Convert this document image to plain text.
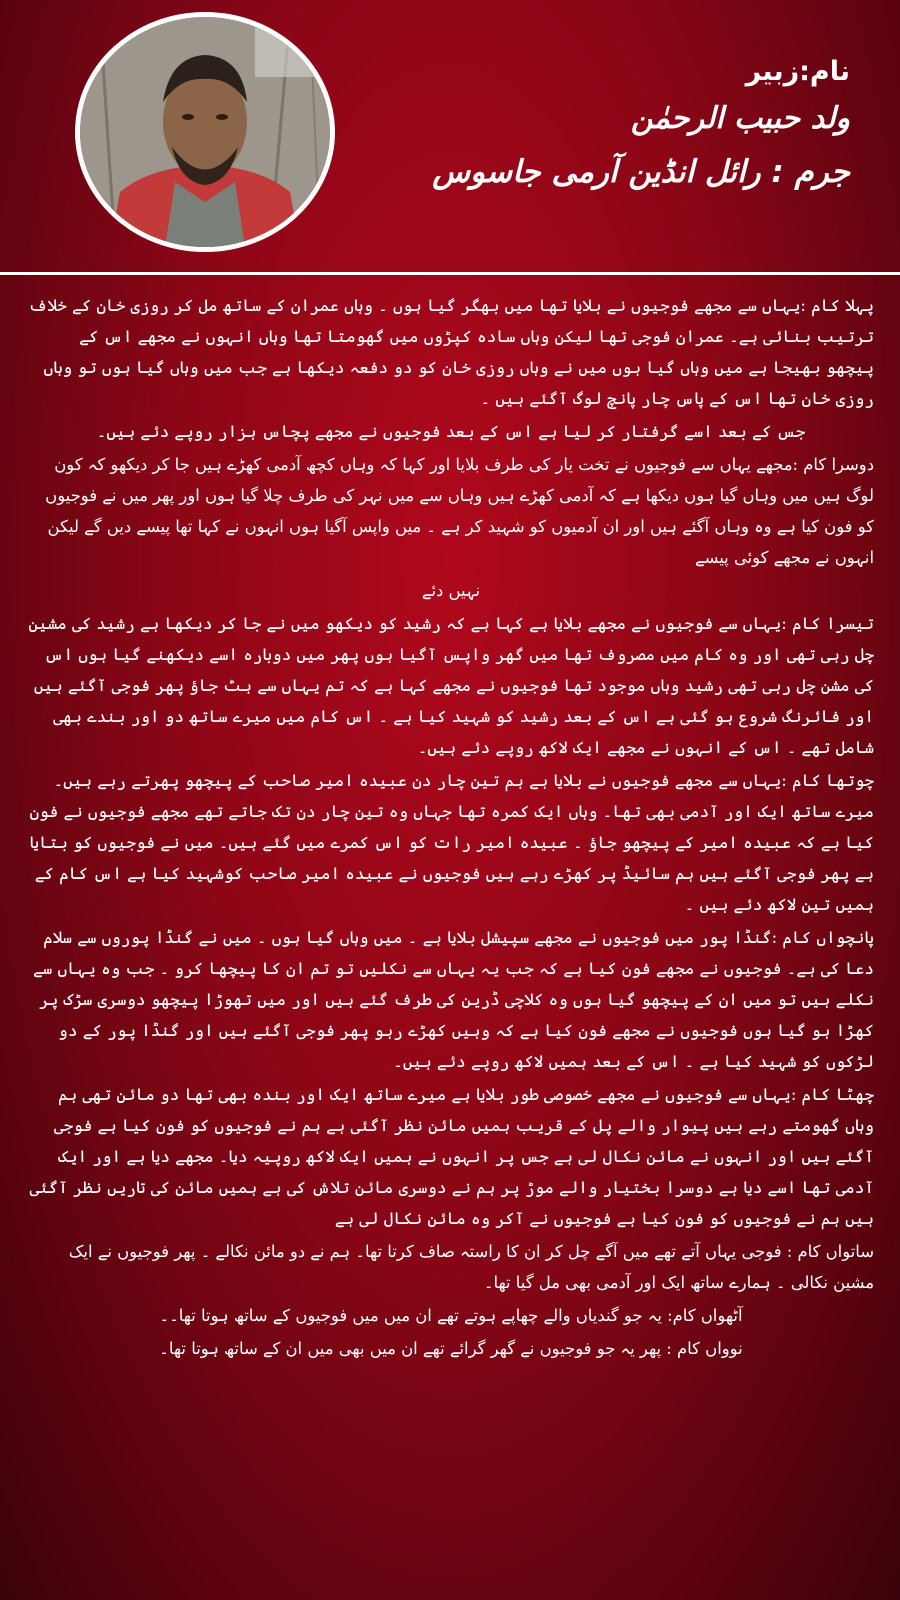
نام:زبیر
ولد حبیب الرحمٰن
جرم : رائل انڈین آرمی جاسوس

پہلا کام :یہاں سے مجھے فوجیوں نے بلایا تھا میں بھگر گیا ہوں ۔ وہاں عمران کے ساتھ مل کر روزی خان کے خلاف ترتیب بنائی ہے۔ عمران فوجی تھا لیکن وہاں سادہ کپڑوں میں گھومتا تھا وہاں انہوں نے مجھے اس کے پیچھو بھیجا ہے میں وہاں گیا ہوں میں نے وہاں روزی خان کو دو دفعہ دیکھا ہے جب میں وہاں گیا ہوں تو وہاں روزی خان تھا اس کے پاس چار پانچ لوگ آگئے ہیں ۔

جس کے بعد اسے گرفتار کر لیا ہے اس کے بعد فوجیوں نے مجھے پچاس ہزار روپے دئے ہیں۔

دوسرا کام :مجھے یہاں سے فوجیوں نے تخت یار کی طرف بلایا اور کہا کہ وہاں کچھ آدمی کھڑے ہیں جا کر دیکھو کہ کون لوگ ہیں میں وہاں گیا ہوں دیکھا ہے کہ آدمی کھڑے ہیں وہاں سے میں نہر کی طرف چلا گیا ہوں اور پھر میں نے فوجیوں کو فون کیا ہے وہ وہاں آگئے ہیں اور ان آدمیوں کو شہید کر ہے ۔ میں واپس آگیا ہوں انہوں نے کہا تھا پیسے دیں گے لیکن انہوں نے مجھے کوئی پیسے

نہیں دئے

تیسرا کام :یہاں سے فوجیوں نے مجھے بلایا ہے کہا ہے کہ رشید کو دیکھو میں نے جا کر دیکھا ہے رشید کی مشین چل رہی تھی اور وہ کام میں مصروف تھا میں گھر واپس آگیا ہوں پھر میں دوبارہ اسے دیکھنے گیا ہوں اس کی مشن چل رہی تھی رشید وہاں موجود تھا فوجیوں نے مجھے کہا ہے کہ تم یہاں سے ہٹ جاؤ پھر فوجی آگئے ہیں اور فائرنگ شروع ہو گئی ہے اس کے بعد رشید کو شہید کیا ہے ۔ اس کام میں میرے ساتھ دو اور بندے بھی شامل تھے ۔ اس کے انہوں نے مجھے ایک لاکھ روپے دئے ہیں۔

چوتھا کام :یہاں سے مجھے فوجیوں نے بلایا ہے ہم تین چار دن عبیدہ امیر صاحب کے پیچھو پھرتے رہے ہیں۔ میرے ساتھ ایک اور آدمی بھی تھا۔ وہاں ایک کمرہ تھا جہاں وہ تین چار دن تک جاتے تھے مجھے فوجیوں نے فون کیا ہے کہ عبیدہ امیر کے پیچھو جاؤ ۔ عبیدہ امیر رات کو اس کمرے میں گئے ہیں۔ میں نے فوجیوں کو بتایا ہے پھر فوجی آگئے ہیں ہم سائیڈ پر کھڑے رہے ہیں فوجیوں نے عبیدہ امیر صاحب کوشہید کیا ہے اس کام کے ہمیں تین لاکھ دئے ہیں ۔

پانچواں کام :گنڈا پور میں فوجیوں نے مجھے سپیشل بلایا ہے ۔ میں وہاں گیا ہوں ۔ میں نے گنڈا پوروں سے سلام دعا کی ہے۔ فوجیوں نے مجھے فون کیا ہے کہ جب یہ یہاں سے نکلیں تو تم ان کا پیچھا کرو ۔ جب وہ یہاں سے نکلے ہیں تو میں ان کے پیچھو گیا ہوں وہ کلاچی ڈرین کی طرف گئے ہیں اور میں تھوڑا پیچھو دوسری سڑک پر کھڑا ہو گیا ہوں فوجیوں نے مجھے فون کیا ہے کہ وہیں کھڑے رہو پھر فوجی آگئے ہیں اور گنڈا پور کے دو لڑکوں کو شہید کیا ہے ۔ اس کے بعد ہمیں لاکھ روپے دئے ہیں۔

چھٹا کام :یہاں سے فوجیوں نے مجھے خصوصی طور بلایا ہے میرے ساتھ ایک اور بندہ بھی تھا دو مائن تھی ہم وہاں گھومتے رہے ہیں پیوار والے پل کے قریب ہمیں مائن نظر آگئی ہے ہم نے فوجیوں کو فون کیا ہے فوجی آگئے ہیں اور انہوں نے مائن نکال لی ہے جس پر انہوں نے ہمیں ایک لاکھ روپیہ دیا۔ مجھے دیا ہے اور ایک آدمی تھا اسے دیا ہے دوسرا بختیار والے موڑ پر ہم نے دوسری مائن تلاش کی ہے ہمیں مائن کی تاریں نظر آگئی ہیں ہم نے فوجیوں کو فون کیا ہے فوجیوں نے آکر وہ مائن نکال لی ہے

ساتواں کام : فوجی یہاں آتے تھے میں آگے چل کر ان کا راستہ صاف کرتا تھا۔ ہم نے دو مائن نکالے ۔ پھر فوجیوں نے ایک مشین نکالی ۔ ہمارے ساتھ ایک اور آدمی بھی مل گیا تھا۔

آٹھواں کام: یہ جو گندیاں والے چھاپے ہوتے تھے ان میں میں فوجیوں کے ساتھ ہوتا تھا۔۔

نوواں کام : پھر یہ جو فوجیوں نے گھر گرائے تھے ان میں بھی میں ان کے ساتھ ہوتا تھا۔
